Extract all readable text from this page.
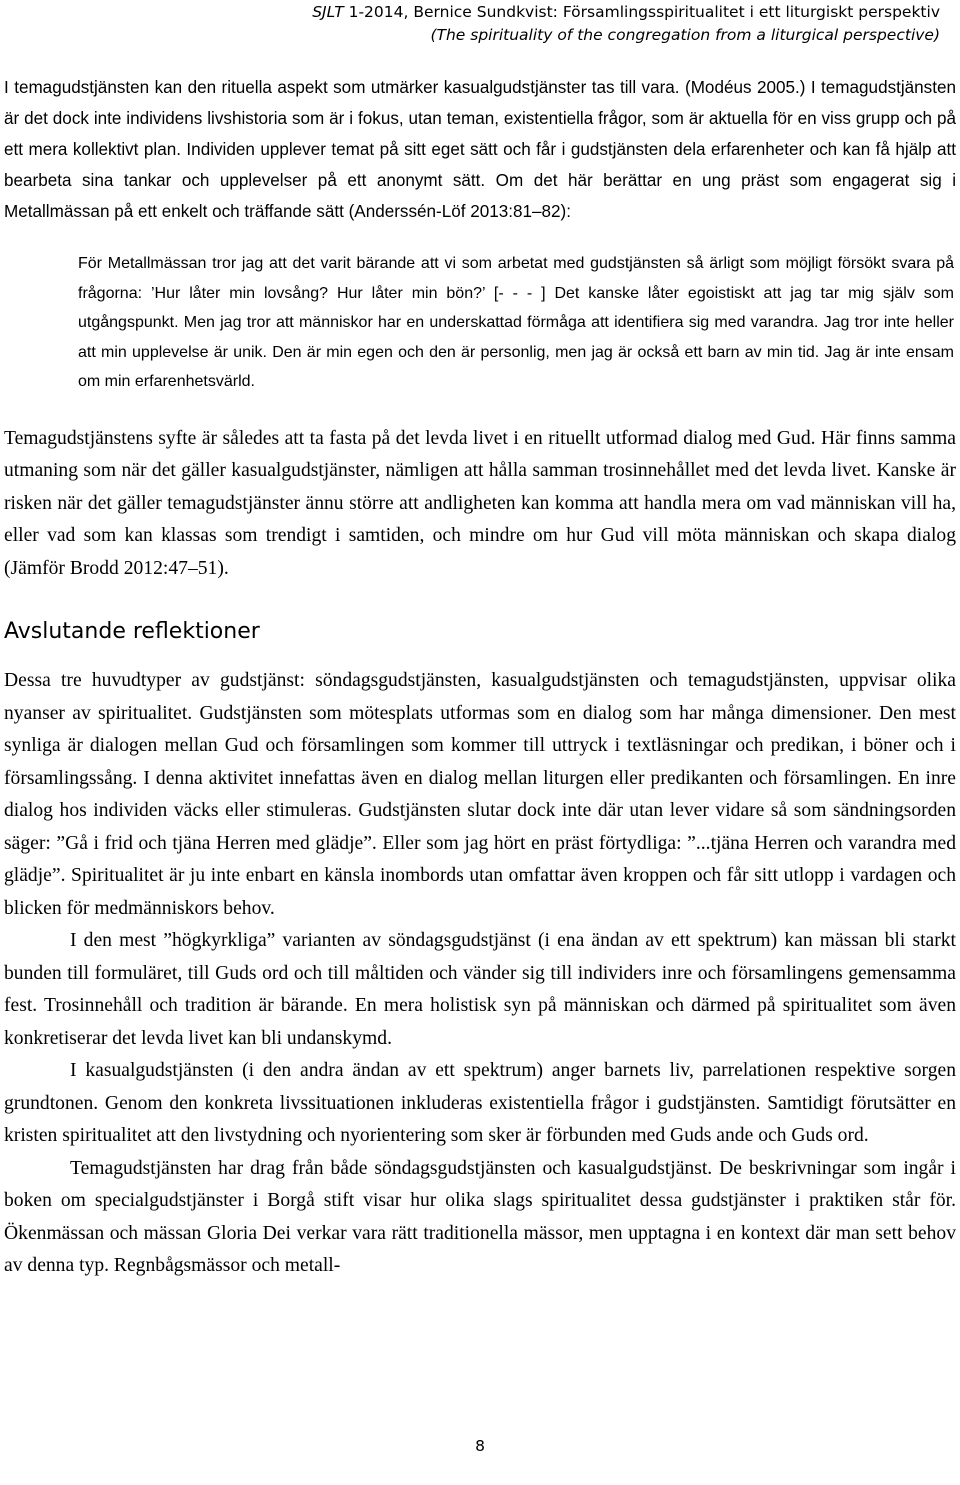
SJLT 1-2014, Bernice Sundkvist: Församlingsspiritualitet i ett liturgiskt perspektiv
(The spirituality of the congregation from a liturgical perspective)

I temagudstjänsten kan den rituella aspekt som utmärker kasualgudstjänster tas till vara. (Modéus 2005.) I temagudstjänsten är det dock inte individens livshistoria som är i fokus, utan teman, existentiella frågor, som är aktuella för en viss grupp och på ett mera kollektivt plan. Individen upplever temat på sitt eget sätt och får i gudstjänsten dela erfarenheter och kan få hjälp att bearbeta sina tankar och upplevelser på ett anonymt sätt. Om det här berättar en ung präst som engagerat sig i Metallmässan på ett enkelt och träffande sätt (Anderssén-Löf 2013:81–82):

För Metallmässan tror jag att det varit bärande att vi som arbetat med gudstjänsten så ärligt som möjligt försökt svara på frågorna: ’Hur låter min lovsång? Hur låter min bön?’ [- - - ] Det kanske låter egoistiskt att jag tar mig själv som utgångspunkt. Men jag tror att människor har en underskattad förmåga att identifiera sig med varandra. Jag tror inte heller att min upplevelse är unik. Den är min egen och den är personlig, men jag är också ett barn av min tid. Jag är inte ensam om min erfarenhetsvärld.

Temagudstjänstens syfte är således att ta fasta på det levda livet i en rituellt utformad dialog med Gud. Här finns samma utmaning som när det gäller kasualgudstjänster, nämligen att hålla samman trosinnehållet med det levda livet. Kanske är risken när det gäller temagudstjänster ännu större att andligheten kan komma att handla mera om vad människan vill ha, eller vad som kan klassas som trendigt i samtiden, och mindre om hur Gud vill möta människan och skapa dialog (Jämför Brodd 2012:47–51).

Avslutande reflektioner

Dessa tre huvudtyper av gudstjänst: söndagsgudstjänsten, kasualgudstjänsten och temagudstjänsten, uppvisar olika nyanser av spiritualitet. Gudstjänsten som mötesplats utformas som en dialog som har många dimensioner. Den mest synliga är dialogen mellan Gud och församlingen som kommer till uttryck i textläsningar och predikan, i böner och i församlingssång. I denna aktivitet innefattas även en dialog mellan liturgen eller predikanten och församlingen. En inre dialog hos individen väcks eller stimuleras. Gudstjänsten slutar dock inte där utan lever vidare så som sändningsorden säger: ”Gå i frid och tjäna Herren med glädje”. Eller som jag hört en präst förtydliga: ”...tjäna Herren och varandra med glädje”. Spiritualitet är ju inte enbart en känsla inombords utan omfattar även kroppen och får sitt utlopp i vardagen och blicken för medmänniskors behov.

I den mest ”högkyrkliga” varianten av söndagsgudstjänst (i ena ändan av ett spektrum) kan mässan bli starkt bunden till formuläret, till Guds ord och till måltiden och vänder sig till individers inre och församlingens gemensamma fest. Trosinnehåll och tradition är bärande. En mera holistisk syn på människan och därmed på spiritualitet som även konkretiserar det levda livet kan bli undanskymd.

I kasualgudstjänsten (i den andra ändan av ett spektrum) anger barnets liv, parrelationen respektive sorgen grundtonen. Genom den konkreta livssituationen inkluderas existentiella frågor i gudstjänsten. Samtidigt förutsätter en kristen spiritualitet att den livstydning och nyorientering som sker är förbunden med Guds ande och Guds ord.

Temagudstjänsten har drag från både söndagsgudstjänsten och kasualgudstjänst. De beskrivningar som ingår i boken om specialgudstjänster i Borgå stift visar hur olika slags spiritualitet dessa gudstjänster i praktiken står för. Ökenmässan och mässan Gloria Dei verkar vara rätt traditionella mässor, men upptagna i en kontext där man sett behov av denna typ. Regnbågsmässor och metall-

8
